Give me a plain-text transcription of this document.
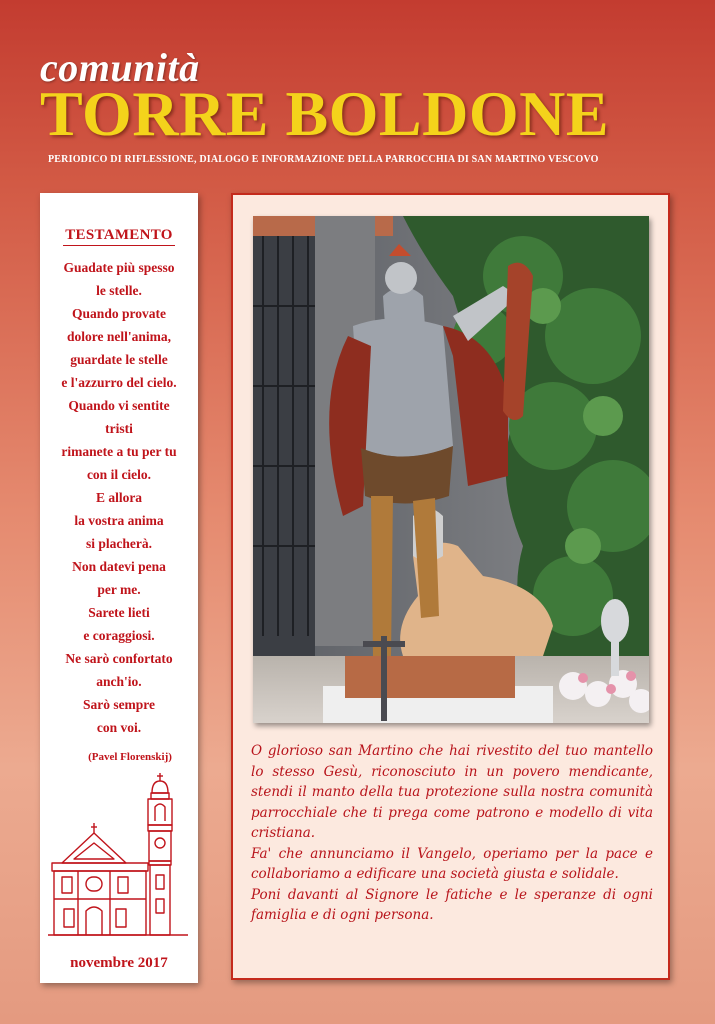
comunità
TORRE BOLDONE
PERIODICO DI RIFLESSIONE, DIALOGO E INFORMAZIONE DELLA PARROCCHIA DI SAN MARTINO VESCOVO
TESTAMENTO
Guadate più spesso
le stelle.
Quando provate
dolore nell'anima,
guardate le stelle
e l'azzurro del cielo.
Quando vi sentite
tristi
rimanete a tu per tu
con il cielo.
E allora
la vostra anima
si placherà.
Non datevi pena
per me.
Sarete lieti
e coraggiosi.
Ne sarò confortato
anch'io.
Sarò sempre
con voi.
(Pavel Florenskij)
novembre 2017
O glorioso san Martino che hai rivestito del tuo mantello lo stesso Gesù, riconosciuto in un povero mendicante, stendi il manto della tua protezione sulla nostra comunità parrocchiale che ti prega come patrono e modello di vita cristiana.
Fa' che annunciamo il Vangelo, operiamo per la pace e collaboriamo a edificare una società giusta e solidale.
Poni davanti al Signore le fatiche e le speranze di ogni famiglia e di ogni persona.
